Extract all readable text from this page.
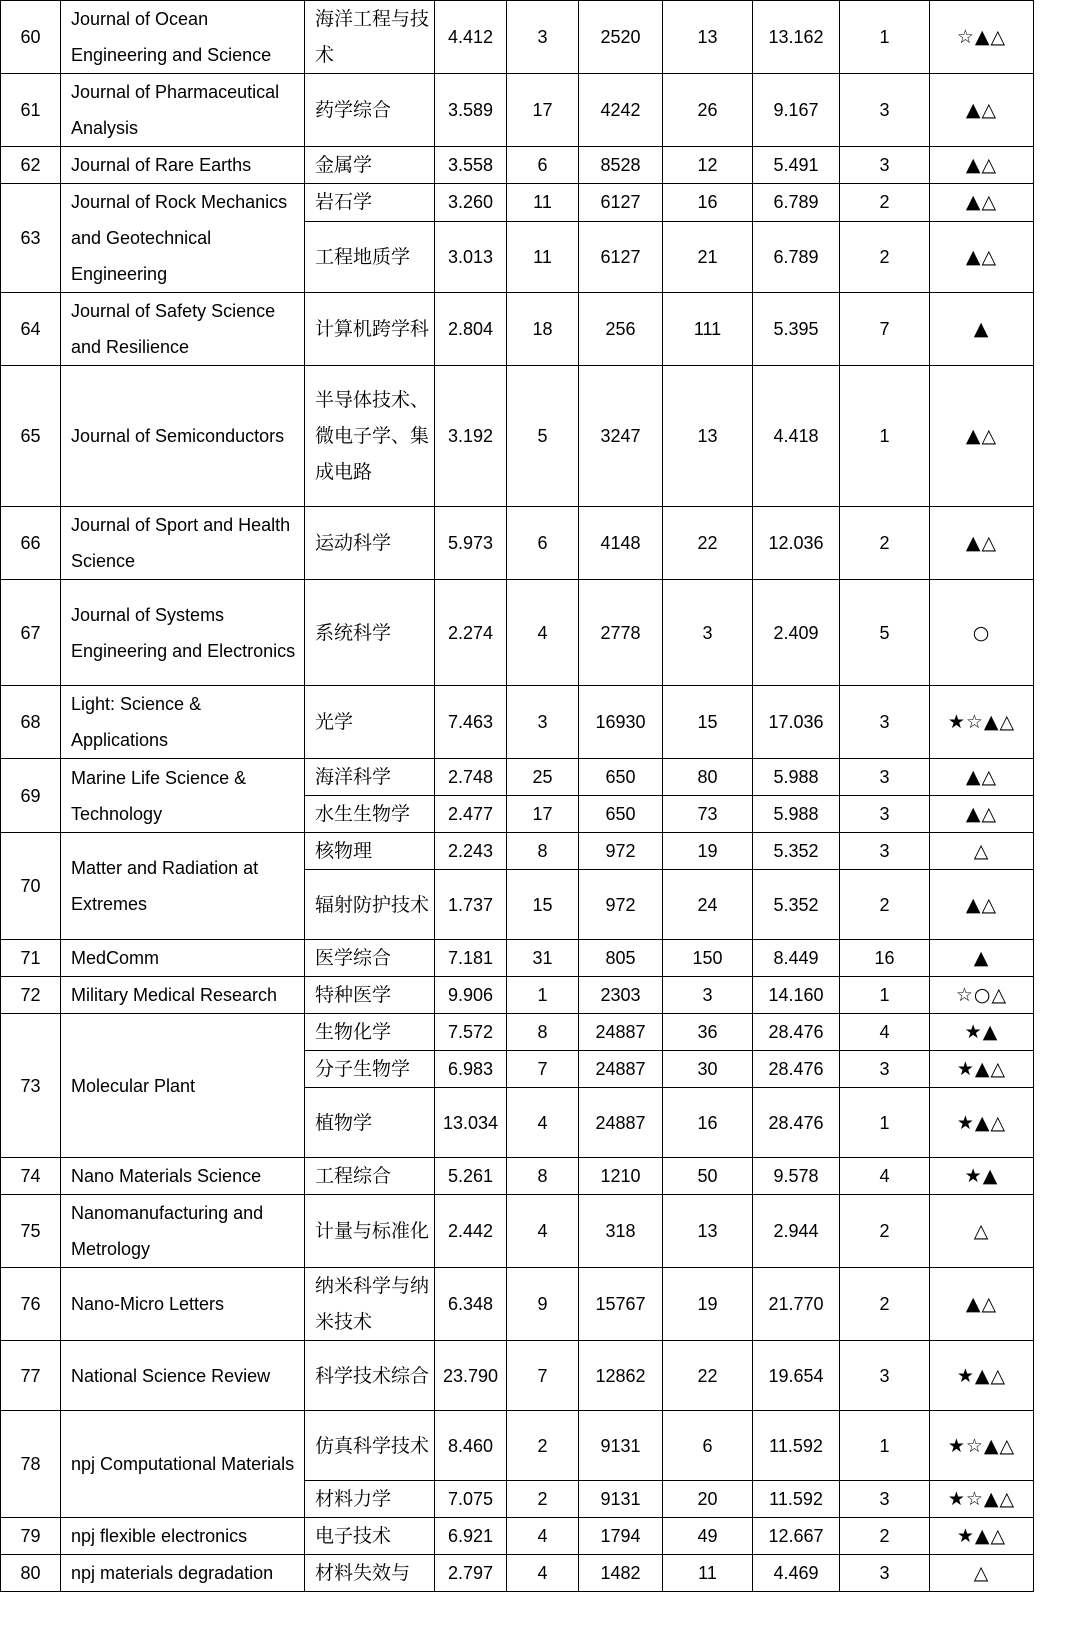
60	Journal of Ocean Engineering and Science	海洋工程与技术	4.412	3	2520	13	13.162	1	☆▲△
61	Journal of Pharmaceutical Analysis	药学综合	3.589	17	4242	26	9.167	3	▲△
62	Journal of Rare Earths	金属学	3.558	6	8528	12	5.491	3	▲△
63	Journal of Rock Mechanics and Geotechnical Engineering	岩石学	3.260	11	6127	16	6.789	2	▲△
		工程地质学	3.013	11	6127	21	6.789	2	▲△
64	Journal of Safety Science and Resilience	计算机跨学科	2.804	18	256	111	5.395	7	▲
65	Journal of Semiconductors	半导体技术、微电子学、集成电路	3.192	5	3247	13	4.418	1	▲△
66	Journal of Sport and Health Science	运动科学	5.973	6	4148	22	12.036	2	▲△
67	Journal of Systems Engineering and Electronics	系统科学	2.274	4	2778	3	2.409	5	○
68	Light: Science & Applications	光学	7.463	3	16930	15	17.036	3	★☆▲△
69	Marine Life Science & Technology	海洋科学	2.748	25	650	80	5.988	3	▲△
		水生生物学	2.477	17	650	73	5.988	3	▲△
70	Matter and Radiation at Extremes	核物理	2.243	8	972	19	5.352	3	△
		辐射防护技术	1.737	15	972	24	5.352	2	▲△
71	MedComm	医学综合	7.181	31	805	150	8.449	16	▲
72	Military Medical Research	特种医学	9.906	1	2303	3	14.160	1	☆○△
73	Molecular Plant	生物化学	7.572	8	24887	36	28.476	4	★▲
		分子生物学	6.983	7	24887	30	28.476	3	★▲△
		植物学	13.034	4	24887	16	28.476	1	★▲△
74	Nano Materials Science	工程综合	5.261	8	1210	50	9.578	4	★▲
75	Nanomanufacturing and Metrology	计量与标准化	2.442	4	318	13	2.944	2	△
76	Nano-Micro Letters	纳米科学与纳米技术	6.348	9	15767	19	21.770	2	▲△
77	National Science Review	科学技术综合	23.790	7	12862	22	19.654	3	★▲△
78	npj Computational Materials	仿真科学技术	8.460	2	9131	6	11.592	1	★☆▲△
		材料力学	7.075	2	9131	20	11.592	3	★☆▲△
79	npj flexible electronics	电子技术	6.921	4	1794	49	12.667	2	★▲△
80	npj materials degradation	材料失效与	2.797	4	1482	11	4.469	3	△
